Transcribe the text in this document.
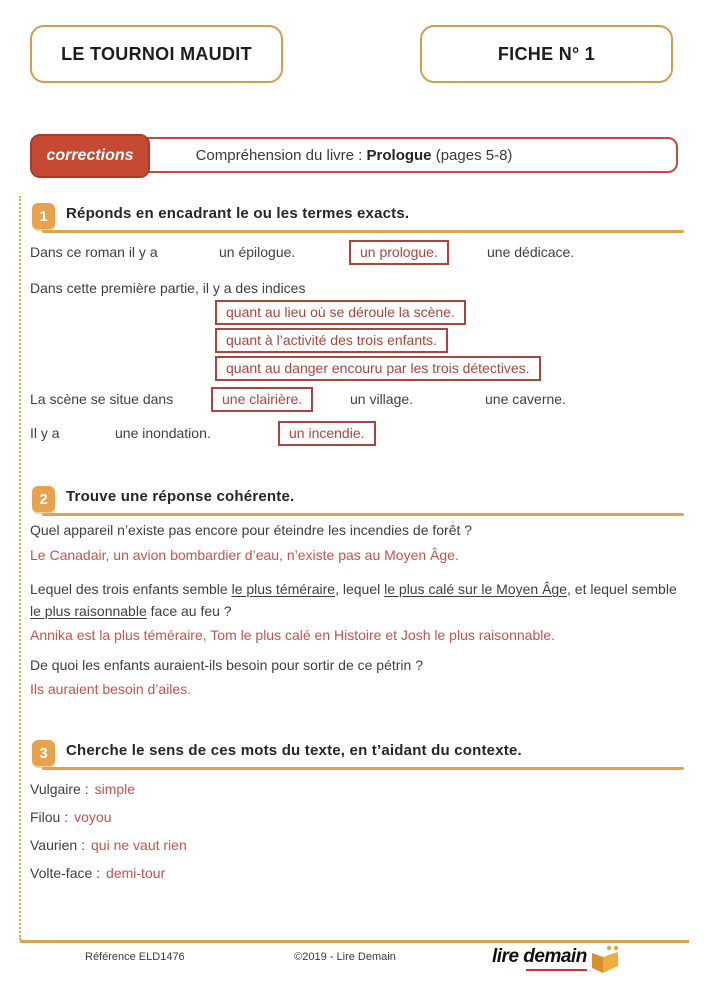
LE TOURNOI MAUDIT	FICHE N° 1
corrections	Compréhension du livre : Prologue (pages 5-8)
1 Réponds en encadrant le ou les termes exacts.
Dans ce roman il y a	un épilogue.	un prologue.	une dédicace.
Dans cette première partie, il y a des indices
quant au lieu où se déroule la scène.
quant à l’activité des trois enfants.
quant au danger encouru par les trois détectives.
La scène se situe dans	une clairière.	un village.	une caverne.
Il y a	une inondation.	un incendie.
2 Trouve une réponse cohérente.
Quel appareil n’existe pas encore pour éteindre les incendies de forêt ?
Le Canadair, un avion bombardier d’eau, n’existe pas au Moyen Âge.
Lequel des trois enfants semble le plus téméraire, lequel le plus calé sur le Moyen Âge, et lequel semble le plus raisonnable face au feu ?
Annika est la plus téméraire, Tom le plus calé en Histoire et Josh le plus raisonnable.
De quoi les enfants auraient-ils besoin pour sortir de ce pétrin ?
Ils auraient besoin d’ailes.
3 Cherche le sens de ces mots du texte, en t’aidant du contexte.
Vulgaire : simple
Filou : voyou
Vaurien : qui ne vaut rien
Volte-face : demi-tour
Référence ELD1476	©2019 - Lire Demain	lire demain
